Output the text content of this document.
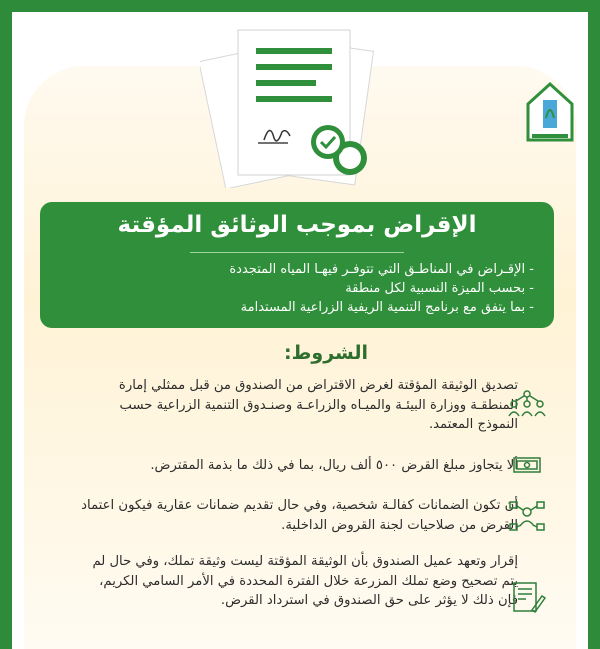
الإقراض بموجب الوثائق المؤقتة
- الإقـراض في المناطـق التي تتوفـر فيهـا المياه المتجددة
- بحسب الميزة النسبية لكل منطقة
- بما يتفق مع برنامج التنمية الريفية الزراعية المستدامة
الشروط:
تصديق الوثيقة المؤقتة لغرض الاقتراض من الصندوق من قبل ممثلي إمارة المنطقـة ووزارة البيئـة والميـاه والزراعـة وصنـدوق التنمية الزراعية حسب النموذج المعتمد.
ألا يتجاوز مبلغ القرض ٥٠٠ ألف ريال، بما في ذلك ما بذمة المقترض.
أن تكون الضمانات كفالـة شخصية، وفي حال تقديم ضمانات عقارية فيكون اعتماد القرض من صلاحيات لجنة القروض الداخلية.
إقرار وتعهد عميل الصندوق بأن الوثيقة المؤقتة ليست وثيقة تملك، وفي حال لم يتم تصحيح وضع تملك المزرعة خلال الفترة المحددة في الأمر السامي الكريم، فإن ذلك لا يؤثر على حق الصندوق في استرداد القرض.
